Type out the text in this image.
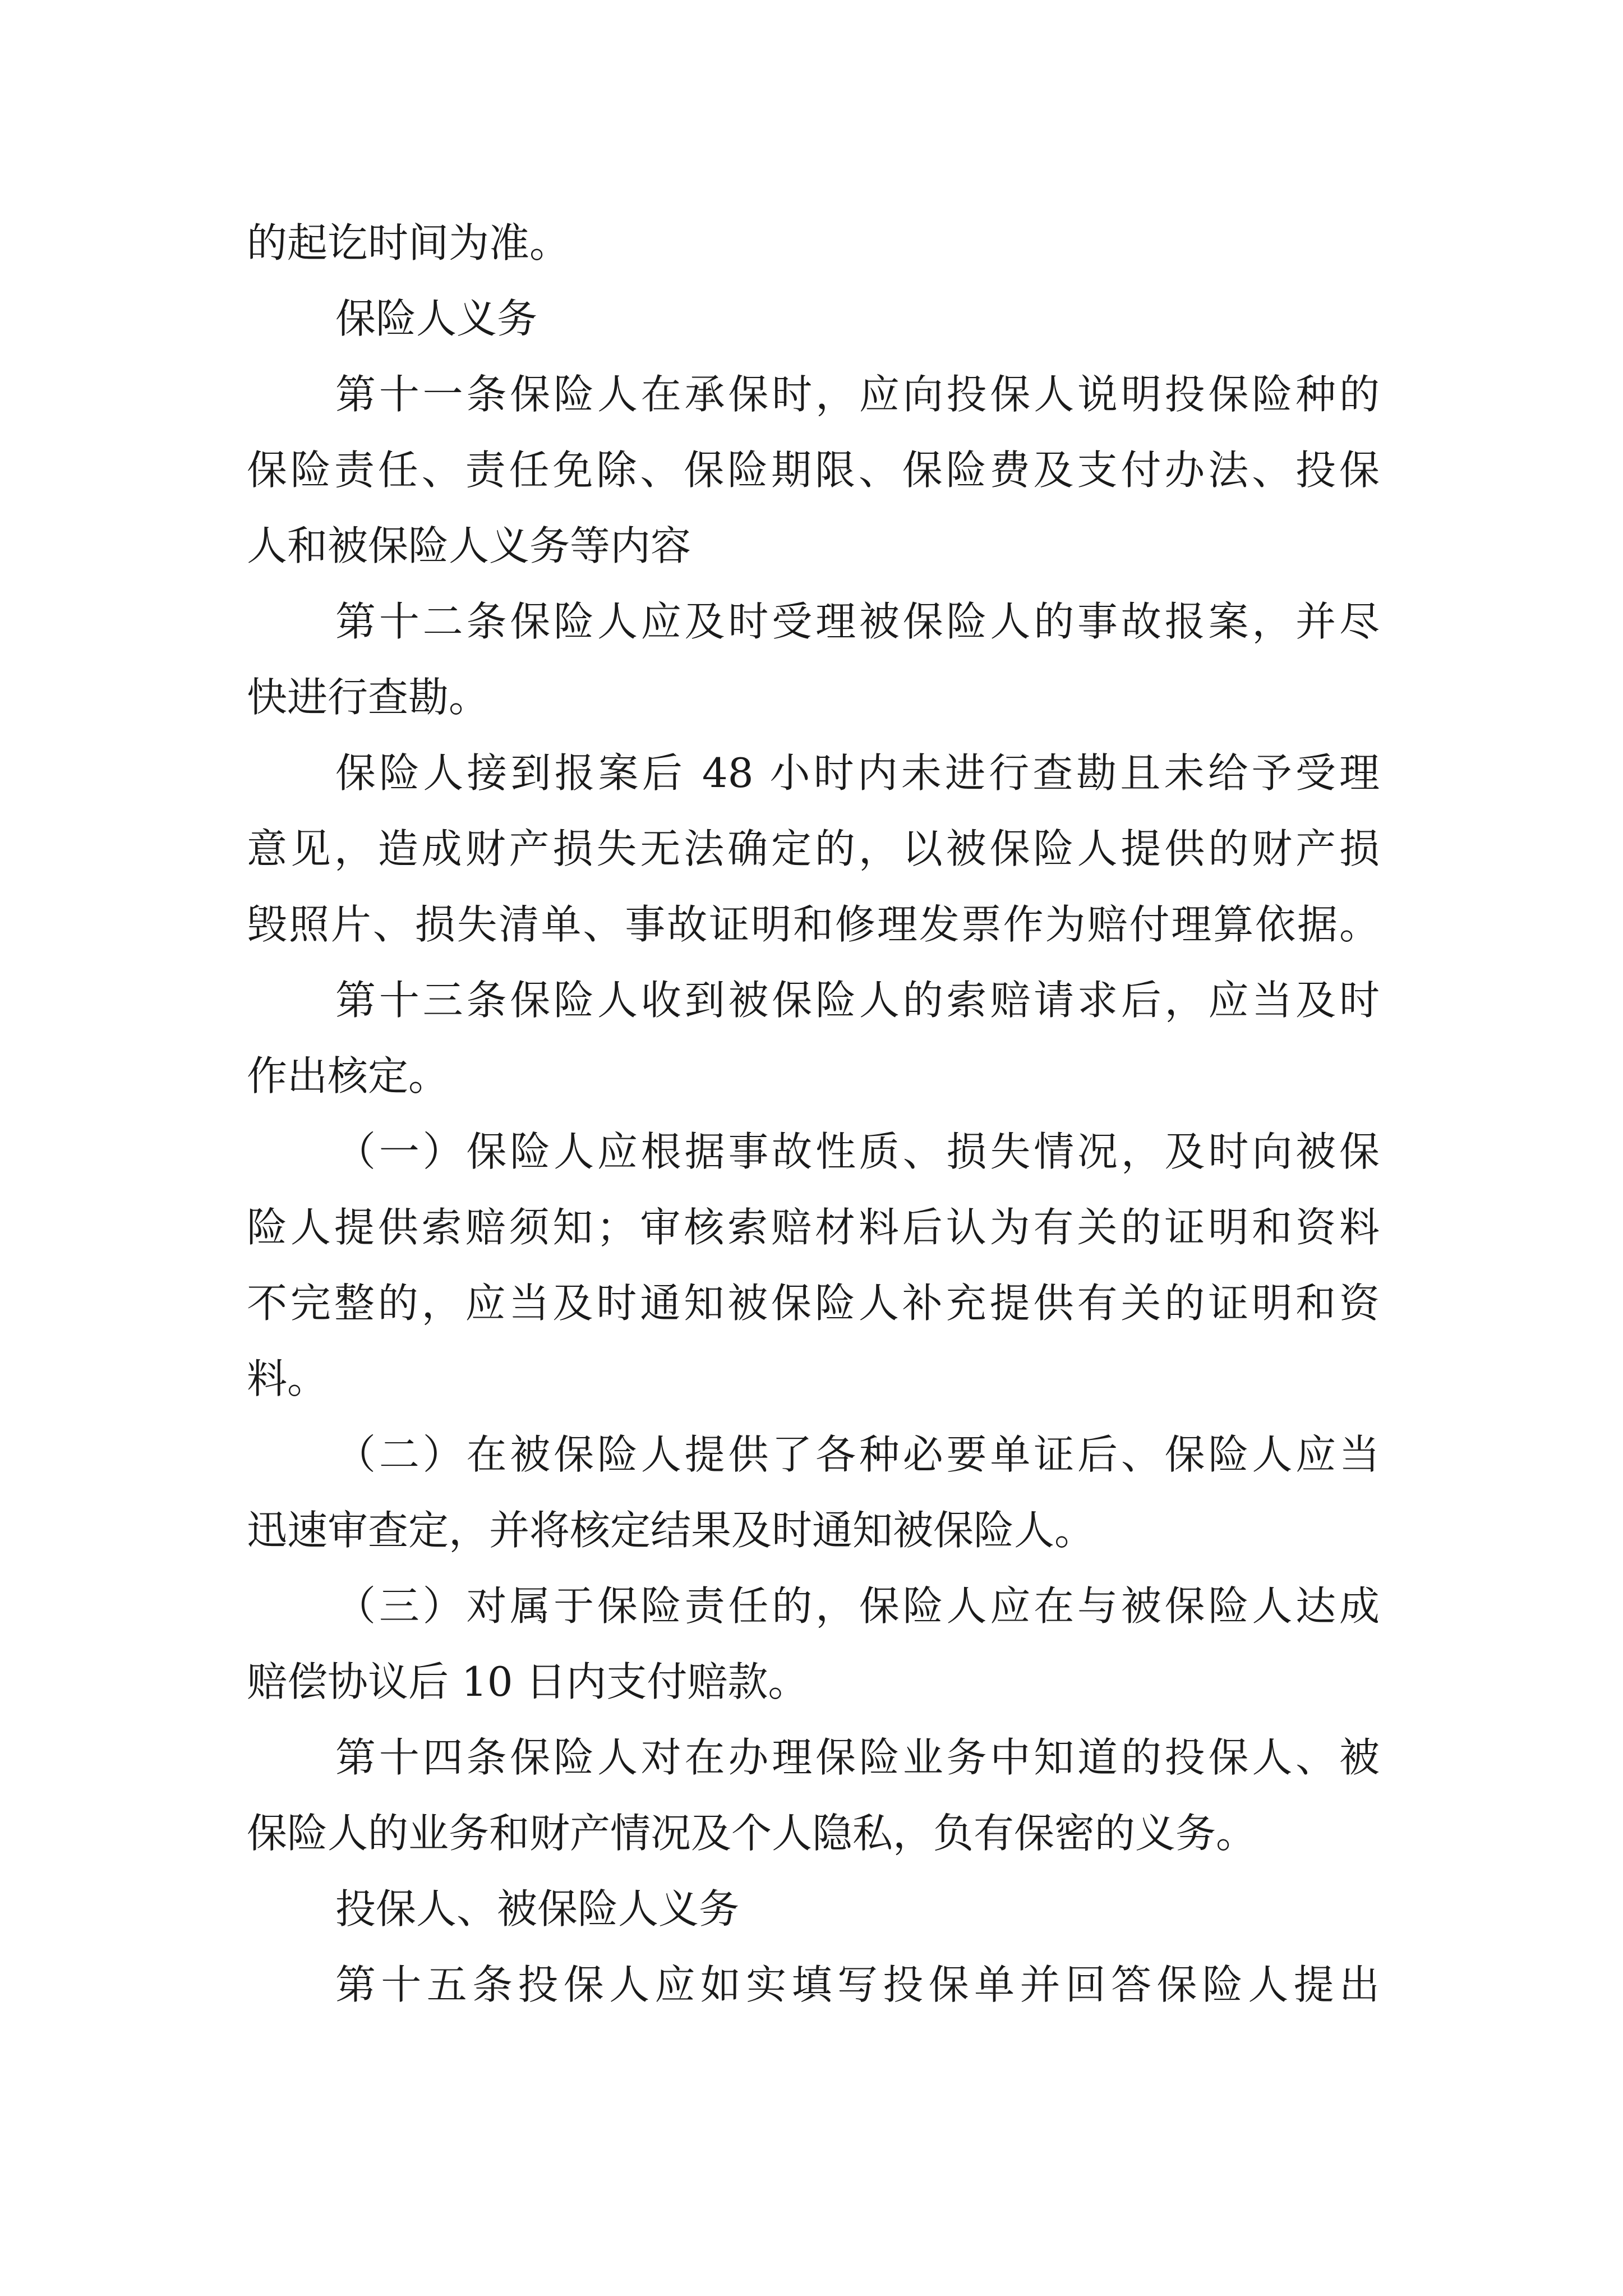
的起讫时间为准。
保险人义务
第十一条保险人在承保时，应向投保人说明投保险种的
保险责任、责任免除、保险期限、保险费及支付办法、投保
人和被保险人义务等内容
第十二条保险人应及时受理被保险人的事故报案，并尽
快进行查勘。
保险人接到报案后 48 小时内未进行查勘且未给予受理
意见，造成财产损失无法确定的，以被保险人提供的财产损
毁照片、损失清单、事故证明和修理发票作为赔付理算依据。
第十三条保险人收到被保险人的索赔请求后，应当及时
作出核定。
（一）保险人应根据事故性质、损失情况，及时向被保
险人提供索赔须知；审核索赔材料后认为有关的证明和资料
不完整的，应当及时通知被保险人补充提供有关的证明和资
料。
（二）在被保险人提供了各种必要单证后、保险人应当
迅速审查定，并将核定结果及时通知被保险人。
（三）对属于保险责任的，保险人应在与被保险人达成
赔偿协议后 10 日内支付赔款。
第十四条保险人对在办理保险业务中知道的投保人、被
保险人的业务和财产情况及个人隐私，负有保密的义务。
投保人、被保险人义务
第十五条投保人应如实填写投保单并回答保险人提出
